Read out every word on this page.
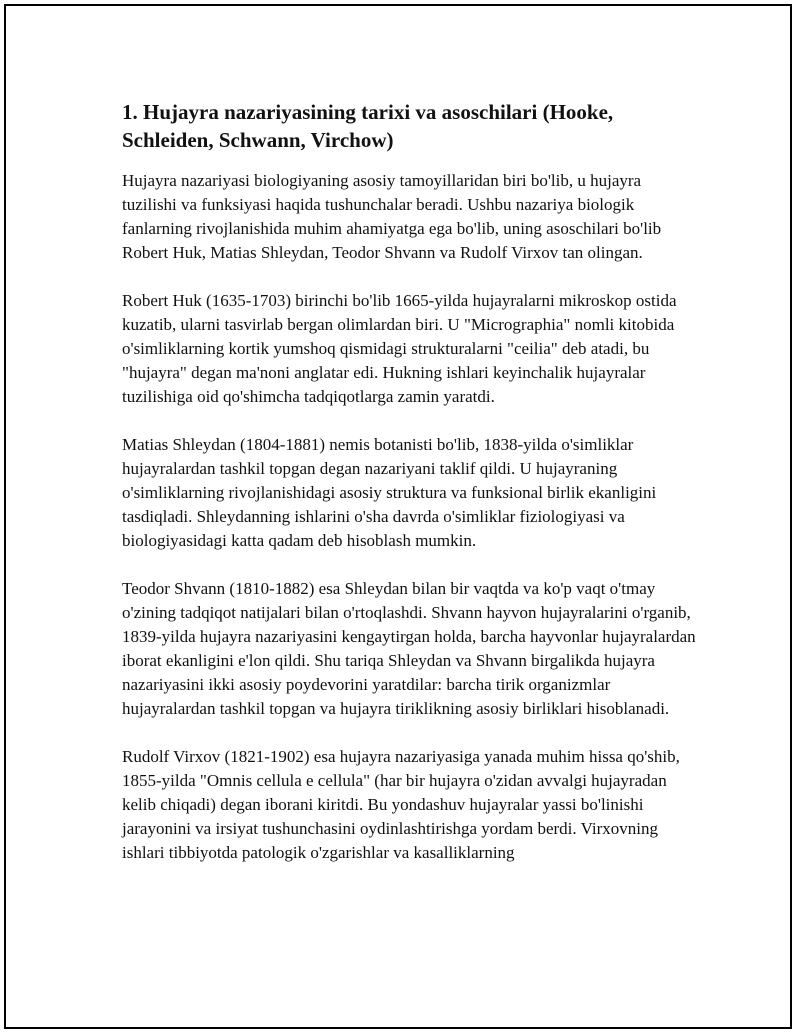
1. Hujayra nazariyasining tarixi va asoschilari (Hooke, Schleiden, Schwann, Virchow)

Hujayra nazariyasi biologiyaning asosiy tamoyillaridan biri bo'lib, u hujayra tuzilishi va funksiyasi haqida tushunchalar beradi. Ushbu nazariya biologik fanlarning rivojlanishida muhim ahamiyatga ega bo'lib, uning asoschilari bo'lib Robert Huk, Matias Shleydan, Teodor Shvann va Rudolf Virxov tan olingan.

Robert Huk (1635-1703) birinchi bo'lib 1665-yilda hujayralarni mikroskop ostida kuzatib, ularni tasvirlab bergan olimlardan biri. U "Micrographia" nomli kitobida o'simliklarning kortik yumshoq qismidagi strukturalarni "ceilia" deb atadi, bu "hujayra" degan ma'noni anglatar edi. Hukning ishlari keyinchalik hujayralar tuzilishiga oid qo'shimcha tadqiqotlarga zamin yaratdi.

Matias Shleydan (1804-1881) nemis botanisti bo'lib, 1838-yilda o'simliklar hujayralardan tashkil topgan degan nazariyani taklif qildi. U hujayraning o'simliklarning rivojlanishidagi asosiy struktura va funksional birlik ekanligini tasdiqladi. Shleydanning ishlarini o'sha davrda o'simliklar fiziologiyasi va biologiyasidagi katta qadam deb hisoblash mumkin.

Teodor Shvann (1810-1882) esa Shleydan bilan bir vaqtda va ko'p vaqt o'tmay o'zining tadqiqot natijalari bilan o'rtoqlashdi. Shvann hayvon hujayralarini o'rganib, 1839-yilda hujayra nazariyasini kengaytirgan holda, barcha hayvonlar hujayralardan iborat ekanligini e'lon qildi. Shu tariqa Shleydan va Shvann birgalikda hujayra nazariyasini ikki asosiy poydevorini yaratdilar: barcha tirik organizmlar hujayralardan tashkil topgan va hujayra tiriklikning asosiy birliklari hisoblanadi.

Rudolf Virxov (1821-1902) esa hujayra nazariyasiga yanada muhim hissa qo'shib, 1855-yilda "Omnis cellula e cellula" (har bir hujayra o'zidan avvalgi hujayradan kelib chiqadi) degan iborani kiritdi. Bu yondashuv hujayralar yassi bo'linishi jarayonini va irsiyat tushunchasini oydinlashtirishga yordam berdi. Virxovning ishlari tibbiyotda patologik o'zgarishlar va kasalliklarning
